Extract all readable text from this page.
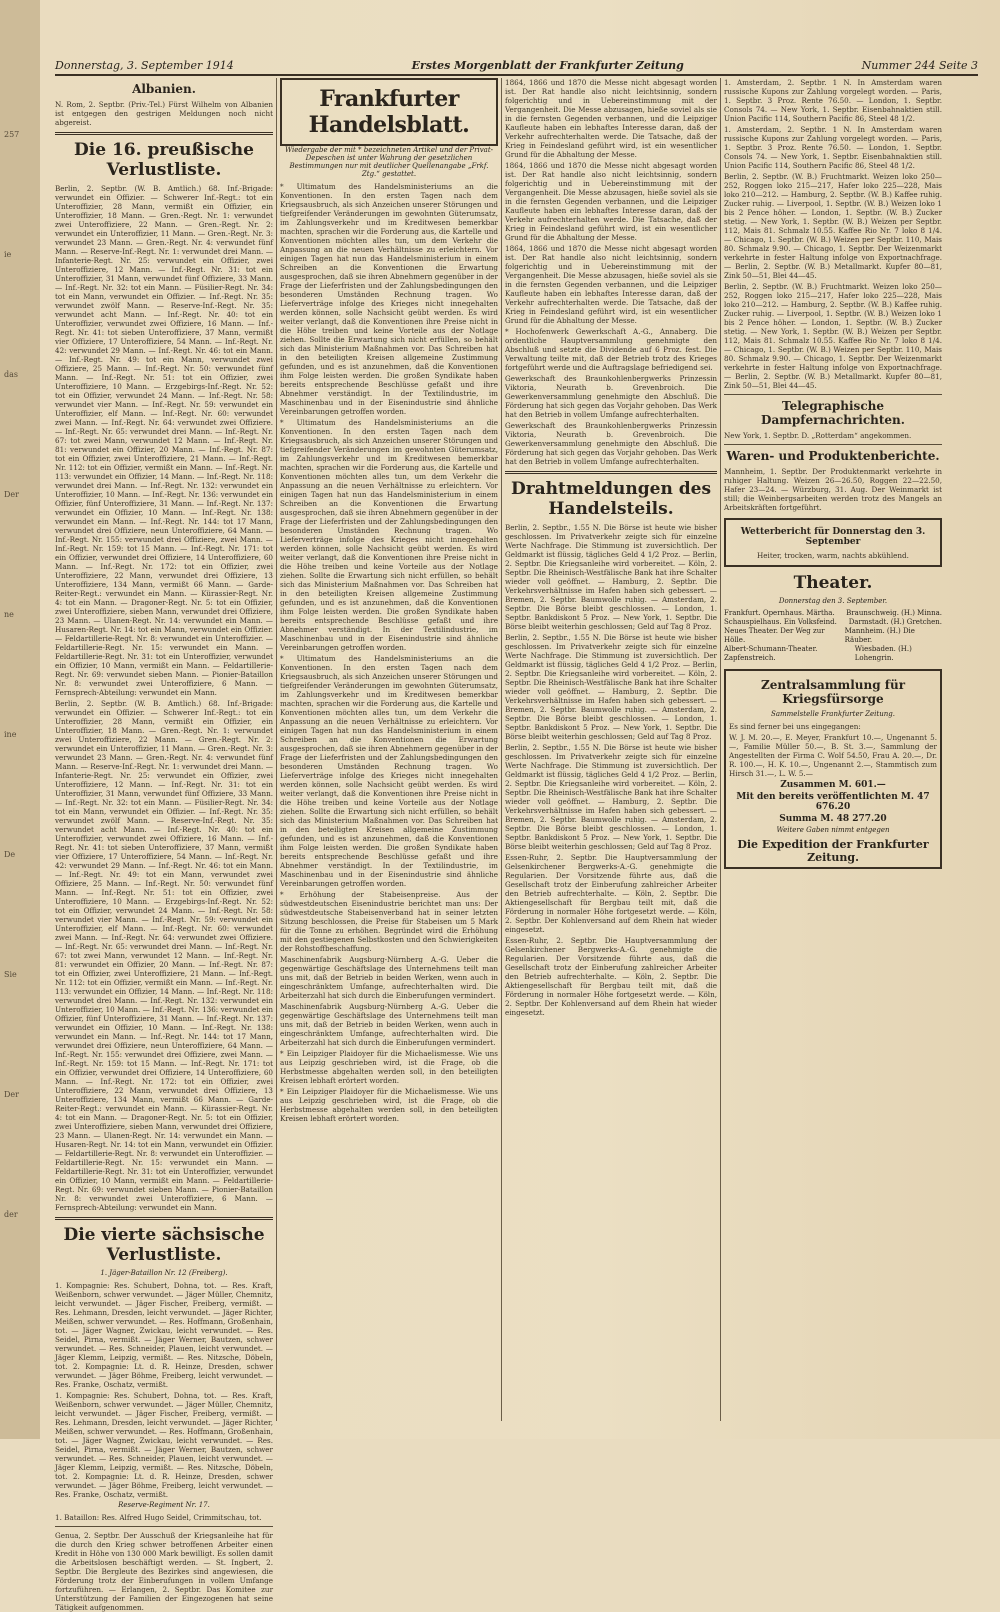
257
ie
das
Der
ne
ine
De
Sie
Der
der
Donnerstag, 3. September 1914	Erstes Morgenblatt der Frankfurter Zeitung	Nummer 244 Seite 3
Albanien.

N. Rom, 2. Septbr. (Priv.-Tel.) Fürst Wilhelm von Albanien ist entgegen den gestrigen Meldungen noch nicht abgereist.

Die 16. preußische Verlustliste.

Berlin, 2. Septbr. (W. B. Amtlich.) 68. Inf.-Brigade: verwundet ein Offizier. — Schwerer Inf.-Regt.: tot ein Unteroffizier, 28 Mann, vermißt ein Offizier, ein Unteroffizier, 18 Mann. — Gren.-Regt. Nr. 1: verwundet zwei Unteroffiziere, 22 Mann. — Gren.-Regt. Nr. 2: verwundet ein Unteroffizier, 11 Mann. — Gren.-Regt. Nr. 3: verwundet 23 Mann. — Gren.-Regt. Nr. 4: verwundet fünf Mann. — Reserve-Inf.-Regt. Nr. 1: verwundet drei Mann. — Infanterie-Regt. Nr. 25: verwundet ein Offizier, zwei Unteroffiziere, 12 Mann. — Inf.-Regt. Nr. 31: tot ein Unteroffizier, 31 Mann, verwundet fünf Offiziere, 33 Mann. — Inf.-Regt. Nr. 32: tot ein Mann. — Füsilier-Regt. Nr. 34: tot ein Mann, verwundet ein Offizier. — Inf.-Regt. Nr. 35: verwundet zwölf Mann. — Reserve-Inf.-Regt. Nr. 35: verwundet acht Mann. — Inf.-Regt. Nr. 40: tot ein Unteroffizier, verwundet zwei Offiziere, 16 Mann. — Inf.-Regt. Nr. 41: tot sieben Unteroffiziere, 37 Mann, vermißt vier Offiziere, 17 Unteroffiziere, 54 Mann. — Inf.-Regt. Nr. 42: verwundet 29 Mann. — Inf.-Regt. Nr. 46: tot ein Mann. — Inf.-Regt. Nr. 49: tot ein Mann, verwundet zwei Offiziere, 25 Mann. — Inf.-Regt. Nr. 50: verwundet fünf Mann. — Inf.-Regt. Nr. 51: tot ein Offizier, zwei Unteroffiziere, 10 Mann. — Erzgebirgs-Inf.-Regt. Nr. 52: tot ein Offizier, verwundet 24 Mann. — Inf.-Regt. Nr. 58: verwundet vier Mann. — Inf.-Regt. Nr. 59: verwundet ein Unteroffizier, elf Mann. — Inf.-Regt. Nr. 60: verwundet zwei Mann. — Inf.-Regt. Nr. 64: verwundet zwei Offiziere. — Inf.-Regt. Nr. 65: verwundet drei Mann. — Inf.-Regt. Nr. 67: tot zwei Mann, verwundet 12 Mann. — Inf.-Regt. Nr. 81: verwundet ein Offizier, 20 Mann. — Inf.-Regt. Nr. 87: tot ein Offizier, zwei Unteroffiziere, 21 Mann. — Inf.-Regt. Nr. 112: tot ein Offizier, vermißt ein Mann. — Inf.-Regt. Nr. 113: verwundet ein Offizier, 14 Mann. — Inf.-Regt. Nr. 118: verwundet drei Mann. — Inf.-Regt. Nr. 132: verwundet ein Unteroffizier, 10 Mann. — Inf.-Regt. Nr. 136: verwundet ein Offizier, fünf Unteroffiziere, 31 Mann. — Inf.-Regt. Nr. 137: verwundet ein Offizier, 10 Mann. — Inf.-Regt. Nr. 138: verwundet ein Mann. — Inf.-Regt. Nr. 144: tot 17 Mann, verwundet drei Offiziere, neun Unteroffiziere, 64 Mann. — Inf.-Regt. Nr. 155: verwundet drei Offiziere, zwei Mann. — Inf.-Regt. Nr. 159: tot 15 Mann. — Inf.-Regt. Nr. 171: tot ein Offizier, verwundet drei Offiziere, 14 Unteroffiziere, 60 Mann. — Inf.-Regt. Nr. 172: tot ein Offizier, zwei Unteroffiziere, 22 Mann, verwundet drei Offiziere, 13 Unteroffiziere, 134 Mann, vermißt 66 Mann. — Garde-Reiter-Regt.: verwundet ein Mann. — Kürassier-Regt. Nr. 4: tot ein Mann. — Dragoner-Regt. Nr. 5: tot ein Offizier, zwei Unteroffiziere, sieben Mann, verwundet drei Offiziere, 23 Mann. — Ulanen-Regt. Nr. 14: verwundet ein Mann. — Husaren-Regt. Nr. 14: tot ein Mann, verwundet ein Offizier. — Feldartillerie-Regt. Nr. 8: verwundet ein Unteroffizier. — Feldartillerie-Regt. Nr. 15: verwundet ein Mann. — Feldartillerie-Regt. Nr. 31: tot ein Unteroffizier, verwundet ein Offizier, 10 Mann, vermißt ein Mann. — Feldartillerie-Regt. Nr. 69: verwundet sieben Mann. — Pionier-Bataillon Nr. 8: verwundet zwei Unteroffiziere, 6 Mann. — Fernsprech-Abteilung: verwundet ein Mann.

Berlin, 2. Septbr. (W. B. Amtlich.) 68. Inf.-Brigade: verwundet ein Offizier. — Schwerer Inf.-Regt.: tot ein Unteroffizier, 28 Mann, vermißt ein Offizier, ein Unteroffizier, 18 Mann. — Gren.-Regt. Nr. 1: verwundet zwei Unteroffiziere, 22 Mann. — Gren.-Regt. Nr. 2: verwundet ein Unteroffizier, 11 Mann. — Gren.-Regt. Nr. 3: verwundet 23 Mann. — Gren.-Regt. Nr. 4: verwundet fünf Mann. — Reserve-Inf.-Regt. Nr. 1: verwundet drei Mann. — Infanterie-Regt. Nr. 25: verwundet ein Offizier, zwei Unteroffiziere, 12 Mann. — Inf.-Regt. Nr. 31: tot ein Unteroffizier, 31 Mann, verwundet fünf Offiziere, 33 Mann. — Inf.-Regt. Nr. 32: tot ein Mann. — Füsilier-Regt. Nr. 34: tot ein Mann, verwundet ein Offizier. — Inf.-Regt. Nr. 35: verwundet zwölf Mann. — Reserve-Inf.-Regt. Nr. 35: verwundet acht Mann. — Inf.-Regt. Nr. 40: tot ein Unteroffizier, verwundet zwei Offiziere, 16 Mann. — Inf.-Regt. Nr. 41: tot sieben Unteroffiziere, 37 Mann, vermißt vier Offiziere, 17 Unteroffiziere, 54 Mann. — Inf.-Regt. Nr. 42: verwundet 29 Mann. — Inf.-Regt. Nr. 46: tot ein Mann. — Inf.-Regt. Nr. 49: tot ein Mann, verwundet zwei Offiziere, 25 Mann. — Inf.-Regt. Nr. 50: verwundet fünf Mann. — Inf.-Regt. Nr. 51: tot ein Offizier, zwei Unteroffiziere, 10 Mann. — Erzgebirgs-Inf.-Regt. Nr. 52: tot ein Offizier, verwundet 24 Mann. — Inf.-Regt. Nr. 58: verwundet vier Mann. — Inf.-Regt. Nr. 59: verwundet ein Unteroffizier, elf Mann. — Inf.-Regt. Nr. 60: verwundet zwei Mann. — Inf.-Regt. Nr. 64: verwundet zwei Offiziere. — Inf.-Regt. Nr. 65: verwundet drei Mann. — Inf.-Regt. Nr. 67: tot zwei Mann, verwundet 12 Mann. — Inf.-Regt. Nr. 81: verwundet ein Offizier, 20 Mann. — Inf.-Regt. Nr. 87: tot ein Offizier, zwei Unteroffiziere, 21 Mann. — Inf.-Regt. Nr. 112: tot ein Offizier, vermißt ein Mann. — Inf.-Regt. Nr. 113: verwundet ein Offizier, 14 Mann. — Inf.-Regt. Nr. 118: verwundet drei Mann. — Inf.-Regt. Nr. 132: verwundet ein Unteroffizier, 10 Mann. — Inf.-Regt. Nr. 136: verwundet ein Offizier, fünf Unteroffiziere, 31 Mann. — Inf.-Regt. Nr. 137: verwundet ein Offizier, 10 Mann. — Inf.-Regt. Nr. 138: verwundet ein Mann. — Inf.-Regt. Nr. 144: tot 17 Mann, verwundet drei Offiziere, neun Unteroffiziere, 64 Mann. — Inf.-Regt. Nr. 155: verwundet drei Offiziere, zwei Mann. — Inf.-Regt. Nr. 159: tot 15 Mann. — Inf.-Regt. Nr. 171: tot ein Offizier, verwundet drei Offiziere, 14 Unteroffiziere, 60 Mann. — Inf.-Regt. Nr. 172: tot ein Offizier, zwei Unteroffiziere, 22 Mann, verwundet drei Offiziere, 13 Unteroffiziere, 134 Mann, vermißt 66 Mann. — Garde-Reiter-Regt.: verwundet ein Mann. — Kürassier-Regt. Nr. 4: tot ein Mann. — Dragoner-Regt. Nr. 5: tot ein Offizier, zwei Unteroffiziere, sieben Mann, verwundet drei Offiziere, 23 Mann. — Ulanen-Regt. Nr. 14: verwundet ein Mann. — Husaren-Regt. Nr. 14: tot ein Mann, verwundet ein Offizier. — Feldartillerie-Regt. Nr. 8: verwundet ein Unteroffizier. — Feldartillerie-Regt. Nr. 15: verwundet ein Mann. — Feldartillerie-Regt. Nr. 31: tot ein Unteroffizier, verwundet ein Offizier, 10 Mann, vermißt ein Mann. — Feldartillerie-Regt. Nr. 69: verwundet sieben Mann. — Pionier-Bataillon Nr. 8: verwundet zwei Unteroffiziere, 6 Mann. — Fernsprech-Abteilung: verwundet ein Mann.

Die vierte sächsische Verlustliste.
1. Jäger-Bataillon Nr. 12 (Freiberg).

1. Kompagnie: Res. Schubert, Dohna, tot. — Res. Kraft, Weißenborn, schwer verwundet. — Jäger Müller, Chemnitz, leicht verwundet. — Jäger Fischer, Freiberg, vermißt. — Res. Lehmann, Dresden, leicht verwundet. — Jäger Richter, Meißen, schwer verwundet. — Res. Hoffmann, Großenhain, tot. — Jäger Wagner, Zwickau, leicht verwundet. — Res. Seidel, Pirna, vermißt. — Jäger Werner, Bautzen, schwer verwundet. — Res. Schneider, Plauen, leicht verwundet. — Jäger Klemm, Leipzig, vermißt. — Res. Nitzsche, Döbeln, tot. 2. Kompagnie: Lt. d. R. Heinze, Dresden, schwer verwundet. — Jäger Böhme, Freiberg, leicht verwundet. — Res. Franke, Oschatz, vermißt.

1. Kompagnie: Res. Schubert, Dohna, tot. — Res. Kraft, Weißenborn, schwer verwundet. — Jäger Müller, Chemnitz, leicht verwundet. — Jäger Fischer, Freiberg, vermißt. — Res. Lehmann, Dresden, leicht verwundet. — Jäger Richter, Meißen, schwer verwundet. — Res. Hoffmann, Großenhain, tot. — Jäger Wagner, Zwickau, leicht verwundet. — Res. Seidel, Pirna, vermißt. — Jäger Werner, Bautzen, schwer verwundet. — Res. Schneider, Plauen, leicht verwundet. — Jäger Klemm, Leipzig, vermißt. — Res. Nitzsche, Döbeln, tot. 2. Kompagnie: Lt. d. R. Heinze, Dresden, schwer verwundet. — Jäger Böhme, Freiberg, leicht verwundet. — Res. Franke, Oschatz, vermißt.

Reserve-Regiment Nr. 17.

1. Bataillon: Res. Alfred Hugo Seidel, Crimmitschau, tot.

Genua, 2. Septbr. Der Ausschuß der Kriegsanleihe hat für die durch den Krieg schwer betroffenen Arbeiter einen Kredit in Höhe von 130 000 Mark bewilligt. Es sollen damit die Arbeitslosen beschäftigt werden. — St. Ingbert, 2. Septbr. Die Bergleute des Bezirkes sind angewiesen, die Förderung trotz der Einberufungen in vollem Umfange fortzuführen. — Erlangen, 2. Septbr. Das Komitee zur Unterstützung der Familien der Eingezogenen hat seine Tätigkeit aufgenommen.

Frankfurter Handelsblatt.
Wiedergabe der mit * bezeichneten Artikel und der Privat-Depeschen ist unter Wahrung der gesetzlichen Bestimmungen nur mit deutlicher Quellenangabe „Frkf. Ztg.“ gestattet.

* Ultimatum des Handelsministeriums an die Konventionen. In den ersten Tagen nach dem Kriegsausbruch, als sich Anzeichen unserer Störungen und tiefgreifender Veränderungen im gewohnten Güterumsatz, im Zahlungsverkehr und im Kreditwesen bemerkbar machten, sprachen wir die Forderung aus, die Kartelle und Konventionen möchten alles tun, um dem Verkehr die Anpassung an die neuen Verhältnisse zu erleichtern. Vor einigen Tagen hat nun das Handelsministerium in einem Schreiben an die Konventionen die Erwartung ausgesprochen, daß sie ihren Abnehmern gegenüber in der Frage der Lieferfristen und der Zahlungsbedingungen den besonderen Umständen Rechnung tragen. Wo Lieferverträge infolge des Krieges nicht innegehalten werden können, solle Nachsicht geübt werden. Es wird weiter verlangt, daß die Konventionen ihre Preise nicht in die Höhe treiben und keine Vorteile aus der Notlage ziehen. Sollte die Erwartung sich nicht erfüllen, so behält sich das Ministerium Maßnahmen vor. Das Schreiben hat in den beteiligten Kreisen allgemeine Zustimmung gefunden, und es ist anzunehmen, daß die Konventionen ihm Folge leisten werden. Die großen Syndikate haben bereits entsprechende Beschlüsse gefaßt und ihre Abnehmer verständigt. In der Textilindustrie, im Maschinenbau und in der Eisenindustrie sind ähnliche Vereinbarungen getroffen worden.

* Ultimatum des Handelsministeriums an die Konventionen. In den ersten Tagen nach dem Kriegsausbruch, als sich Anzeichen unserer Störungen und tiefgreifender Veränderungen im gewohnten Güterumsatz, im Zahlungsverkehr und im Kreditwesen bemerkbar machten, sprachen wir die Forderung aus, die Kartelle und Konventionen möchten alles tun, um dem Verkehr die Anpassung an die neuen Verhältnisse zu erleichtern. Vor einigen Tagen hat nun das Handelsministerium in einem Schreiben an die Konventionen die Erwartung ausgesprochen, daß sie ihren Abnehmern gegenüber in der Frage der Lieferfristen und der Zahlungsbedingungen den besonderen Umständen Rechnung tragen. Wo Lieferverträge infolge des Krieges nicht innegehalten werden können, solle Nachsicht geübt werden. Es wird weiter verlangt, daß die Konventionen ihre Preise nicht in die Höhe treiben und keine Vorteile aus der Notlage ziehen. Sollte die Erwartung sich nicht erfüllen, so behält sich das Ministerium Maßnahmen vor. Das Schreiben hat in den beteiligten Kreisen allgemeine Zustimmung gefunden, und es ist anzunehmen, daß die Konventionen ihm Folge leisten werden. Die großen Syndikate haben bereits entsprechende Beschlüsse gefaßt und ihre Abnehmer verständigt. In der Textilindustrie, im Maschinenbau und in der Eisenindustrie sind ähnliche Vereinbarungen getroffen worden.

* Ultimatum des Handelsministeriums an die Konventionen. In den ersten Tagen nach dem Kriegsausbruch, als sich Anzeichen unserer Störungen und tiefgreifender Veränderungen im gewohnten Güterumsatz, im Zahlungsverkehr und im Kreditwesen bemerkbar machten, sprachen wir die Forderung aus, die Kartelle und Konventionen möchten alles tun, um dem Verkehr die Anpassung an die neuen Verhältnisse zu erleichtern. Vor einigen Tagen hat nun das Handelsministerium in einem Schreiben an die Konventionen die Erwartung ausgesprochen, daß sie ihren Abnehmern gegenüber in der Frage der Lieferfristen und der Zahlungsbedingungen den besonderen Umständen Rechnung tragen. Wo Lieferverträge infolge des Krieges nicht innegehalten werden können, solle Nachsicht geübt werden. Es wird weiter verlangt, daß die Konventionen ihre Preise nicht in die Höhe treiben und keine Vorteile aus der Notlage ziehen. Sollte die Erwartung sich nicht erfüllen, so behält sich das Ministerium Maßnahmen vor. Das Schreiben hat in den beteiligten Kreisen allgemeine Zustimmung gefunden, und es ist anzunehmen, daß die Konventionen ihm Folge leisten werden. Die großen Syndikate haben bereits entsprechende Beschlüsse gefaßt und ihre Abnehmer verständigt. In der Textilindustrie, im Maschinenbau und in der Eisenindustrie sind ähnliche Vereinbarungen getroffen worden.

* Erhöhung der Stabeisenpreise. Aus der südwestdeutschen Eisenindustrie berichtet man uns: Der südwestdeutsche Stabeisenverband hat in seiner letzten Sitzung beschlossen, die Preise für Stabeisen um 5 Mark für die Tonne zu erhöhen. Begründet wird die Erhöhung mit den gestiegenen Selbstkosten und den Schwierigkeiten der Rohstoffbeschaffung.

Maschinenfabrik Augsburg-Nürnberg A.-G. Ueber die gegenwärtige Geschäftslage des Unternehmens teilt man uns mit, daß der Betrieb in beiden Werken, wenn auch in eingeschränktem Umfange, aufrechterhalten wird. Die Arbeiterzahl hat sich durch die Einberufungen vermindert.

Maschinenfabrik Augsburg-Nürnberg A.-G. Ueber die gegenwärtige Geschäftslage des Unternehmens teilt man uns mit, daß der Betrieb in beiden Werken, wenn auch in eingeschränktem Umfange, aufrechterhalten wird. Die Arbeiterzahl hat sich durch die Einberufungen vermindert.

* Ein Leipziger Plaidoyer für die Michaelismesse. Wie uns aus Leipzig geschrieben wird, ist die Frage, ob die Herbstmesse abgehalten werden soll, in den beteiligten Kreisen lebhaft erörtert worden.

* Ein Leipziger Plaidoyer für die Michaelismesse. Wie uns aus Leipzig geschrieben wird, ist die Frage, ob die Herbstmesse abgehalten werden soll, in den beteiligten Kreisen lebhaft erörtert worden.

1864, 1866 und 1870 die Messe nicht abgesagt worden ist. Der Rat handle also nicht leichtsinnig, sondern folgerichtig und in Uebereinstimmung mit der Vergangenheit. Die Messe abzusagen, hieße soviel als sie in die fernsten Gegenden verbannen, und die Leipziger Kaufleute haben ein lebhaftes Interesse daran, daß der Verkehr aufrechterhalten werde. Die Tatsache, daß der Krieg in Feindesland geführt wird, ist ein wesentlicher Grund für die Abhaltung der Messe.

1864, 1866 und 1870 die Messe nicht abgesagt worden ist. Der Rat handle also nicht leichtsinnig, sondern folgerichtig und in Uebereinstimmung mit der Vergangenheit. Die Messe abzusagen, hieße soviel als sie in die fernsten Gegenden verbannen, und die Leipziger Kaufleute haben ein lebhaftes Interesse daran, daß der Verkehr aufrechterhalten werde. Die Tatsache, daß der Krieg in Feindesland geführt wird, ist ein wesentlicher Grund für die Abhaltung der Messe.

1864, 1866 und 1870 die Messe nicht abgesagt worden ist. Der Rat handle also nicht leichtsinnig, sondern folgerichtig und in Uebereinstimmung mit der Vergangenheit. Die Messe abzusagen, hieße soviel als sie in die fernsten Gegenden verbannen, und die Leipziger Kaufleute haben ein lebhaftes Interesse daran, daß der Verkehr aufrechterhalten werde. Die Tatsache, daß der Krieg in Feindesland geführt wird, ist ein wesentlicher Grund für die Abhaltung der Messe.

* Hochofenwerk Gewerkschaft A.-G., Annaberg. Die ordentliche Hauptversammlung genehmigte den Abschluß und setzte die Dividende auf 6 Proz. fest. Die Verwaltung teilte mit, daß der Betrieb trotz des Krieges fortgeführt werde und die Auftragslage befriedigend sei.

Gewerkschaft des Braunkohlenbergwerks Prinzessin Viktoria, Neurath b. Grevenbroich. Die Gewerkenversammlung genehmigte den Abschluß. Die Förderung hat sich gegen das Vorjahr gehoben. Das Werk hat den Betrieb in vollem Umfange aufrechterhalten.

Gewerkschaft des Braunkohlenbergwerks Prinzessin Viktoria, Neurath b. Grevenbroich. Die Gewerkenversammlung genehmigte den Abschluß. Die Förderung hat sich gegen das Vorjahr gehoben. Das Werk hat den Betrieb in vollem Umfange aufrechterhalten.

Drahtmeldungen des Handelsteils.

Berlin, 2. Septbr., 1.55 N. Die Börse ist heute wie bisher geschlossen. Im Privatverkehr zeigte sich für einzelne Werte Nachfrage. Die Stimmung ist zuversichtlich. Der Geldmarkt ist flüssig, tägliches Geld 4 1/2 Proz. — Berlin, 2. Septbr. Die Kriegsanleihe wird vorbereitet. — Köln, 2. Septbr. Die Rheinisch-Westfälische Bank hat ihre Schalter wieder voll geöffnet. — Hamburg, 2. Septbr. Die Verkehrsverhältnisse im Hafen haben sich gebessert. — Bremen, 2. Septbr. Baumwolle ruhig. — Amsterdam, 2. Septbr. Die Börse bleibt geschlossen. — London, 1. Septbr. Bankdiskont 5 Proz. — New York, 1. Septbr. Die Börse bleibt weiterhin geschlossen; Geld auf Tag 8 Proz.

Berlin, 2. Septbr., 1.55 N. Die Börse ist heute wie bisher geschlossen. Im Privatverkehr zeigte sich für einzelne Werte Nachfrage. Die Stimmung ist zuversichtlich. Der Geldmarkt ist flüssig, tägliches Geld 4 1/2 Proz. — Berlin, 2. Septbr. Die Kriegsanleihe wird vorbereitet. — Köln, 2. Septbr. Die Rheinisch-Westfälische Bank hat ihre Schalter wieder voll geöffnet. — Hamburg, 2. Septbr. Die Verkehrsverhältnisse im Hafen haben sich gebessert. — Bremen, 2. Septbr. Baumwolle ruhig. — Amsterdam, 2. Septbr. Die Börse bleibt geschlossen. — London, 1. Septbr. Bankdiskont 5 Proz. — New York, 1. Septbr. Die Börse bleibt weiterhin geschlossen; Geld auf Tag 8 Proz.

Berlin, 2. Septbr., 1.55 N. Die Börse ist heute wie bisher geschlossen. Im Privatverkehr zeigte sich für einzelne Werte Nachfrage. Die Stimmung ist zuversichtlich. Der Geldmarkt ist flüssig, tägliches Geld 4 1/2 Proz. — Berlin, 2. Septbr. Die Kriegsanleihe wird vorbereitet. — Köln, 2. Septbr. Die Rheinisch-Westfälische Bank hat ihre Schalter wieder voll geöffnet. — Hamburg, 2. Septbr. Die Verkehrsverhältnisse im Hafen haben sich gebessert. — Bremen, 2. Septbr. Baumwolle ruhig. — Amsterdam, 2. Septbr. Die Börse bleibt geschlossen. — London, 1. Septbr. Bankdiskont 5 Proz. — New York, 1. Septbr. Die Börse bleibt weiterhin geschlossen; Geld auf Tag 8 Proz.

Essen-Ruhr, 2. Septbr. Die Hauptversammlung der Gelsenkirchener Bergwerks-A.-G. genehmigte die Regularien. Der Vorsitzende führte aus, daß die Gesellschaft trotz der Einberufung zahlreicher Arbeiter den Betrieb aufrechterhalte. — Köln, 2. Septbr. Die Aktiengesellschaft für Bergbau teilt mit, daß die Förderung in normaler Höhe fortgesetzt werde. — Köln, 2. Septbr. Der Kohlenversand auf dem Rhein hat wieder eingesetzt.

Essen-Ruhr, 2. Septbr. Die Hauptversammlung der Gelsenkirchener Bergwerks-A.-G. genehmigte die Regularien. Der Vorsitzende führte aus, daß die Gesellschaft trotz der Einberufung zahlreicher Arbeiter den Betrieb aufrechterhalte. — Köln, 2. Septbr. Die Aktiengesellschaft für Bergbau teilt mit, daß die Förderung in normaler Höhe fortgesetzt werde. — Köln, 2. Septbr. Der Kohlenversand auf dem Rhein hat wieder eingesetzt.

1. Amsterdam, 2. Septbr. 1 N. In Amsterdam waren russische Kupons zur Zahlung vorgelegt worden. — Paris, 1. Septbr. 3 Proz. Rente 76.50. — London, 1. Septbr. Consols 74. — New York, 1. Septbr. Eisenbahnaktien still. Union Pacific 114, Southern Pacific 86, Steel 48 1/2.

1. Amsterdam, 2. Septbr. 1 N. In Amsterdam waren russische Kupons zur Zahlung vorgelegt worden. — Paris, 1. Septbr. 3 Proz. Rente 76.50. — London, 1. Septbr. Consols 74. — New York, 1. Septbr. Eisenbahnaktien still. Union Pacific 114, Southern Pacific 86, Steel 48 1/2.

Berlin, 2. Septbr. (W. B.) Fruchtmarkt. Weizen loko 250—252, Roggen loko 215—217, Hafer loko 225—228, Mais loko 210—212. — Hamburg, 2. Septbr. (W. B.) Kaffee ruhig. Zucker ruhig. — Liverpool, 1. Septbr. (W. B.) Weizen loko 1 bis 2 Pence höher. — London, 1. Septbr. (W. B.) Zucker stetig. — New York, 1. Septbr. (W. B.) Weizen per Septbr. 112, Mais 81. Schmalz 10.55. Kaffee Rio Nr. 7 loko 8 1/4. — Chicago, 1. Septbr. (W. B.) Weizen per Septbr. 110, Mais 80. Schmalz 9.90. — Chicago, 1. Septbr. Der Weizenmarkt verkehrte in fester Haltung infolge von Exportnachfrage. — Berlin, 2. Septbr. (W. B.) Metallmarkt. Kupfer 80—81, Zink 50—51, Blei 44—45.

Berlin, 2. Septbr. (W. B.) Fruchtmarkt. Weizen loko 250—252, Roggen loko 215—217, Hafer loko 225—228, Mais loko 210—212. — Hamburg, 2. Septbr. (W. B.) Kaffee ruhig. Zucker ruhig. — Liverpool, 1. Septbr. (W. B.) Weizen loko 1 bis 2 Pence höher. — London, 1. Septbr. (W. B.) Zucker stetig. — New York, 1. Septbr. (W. B.) Weizen per Septbr. 112, Mais 81. Schmalz 10.55. Kaffee Rio Nr. 7 loko 8 1/4. — Chicago, 1. Septbr. (W. B.) Weizen per Septbr. 110, Mais 80. Schmalz 9.90. — Chicago, 1. Septbr. Der Weizenmarkt verkehrte in fester Haltung infolge von Exportnachfrage. — Berlin, 2. Septbr. (W. B.) Metallmarkt. Kupfer 80—81, Zink 50—51, Blei 44—45.

Telegraphische Dampfernachrichten.

New York, 1. Septbr. D. „Rotterdam“ angekommen.

Waren- und Produktenberichte.

Mannheim, 1. Septbr. Der Produktenmarkt verkehrte in ruhiger Haltung. Weizen 26—26.50, Roggen 22—22.50, Hafer 23—24. — Würzburg, 31. Aug. Der Weinmarkt ist still; die Weinbergsarbeiten werden trotz des Mangels an Arbeitskräften fortgeführt.

Wetterbericht für Donnerstag den 3. September

Heiter, trocken, warm, nachts abkühlend.

Theater.
Donnerstag den 3. September.
Frankfurt. Opernhaus. Märtha. Braunschweig. (H.) Minna.
Schauspielhaus. Ein Volksfeind. Darmstadt. (H.) Gretchen.
Neues Theater. Der Weg zur Hölle.
Mannheim. (H.) Die Räuber.
Albert-Schumann-Theater. Zapfenstreich.
Wiesbaden. (H.) Lohengrin.
Zentralsammlung für Kriegsfürsorge
Sammelstelle Frankfurter Zeitung.

Es sind ferner bei uns eingegangen:

W. J. M. 20.—, E. Meyer, Frankfurt 10.—, Ungenannt 5.—, Familie Müller 50.—, B. St. 3.—, Sammlung der Angestellten der Firma C. Wolf 54.50, Frau A. 20.—, Dr. R. 100.—, H. K. 10.—, Ungenannt 2.—, Stammtisch zum Hirsch 31.—, L. W. 5.—

Zusammen M. 601.—
Mit den bereits veröffentlichten M. 47 676.20
Summa M. 48 277.20
Weitere Gaben nimmt entgegen
Die Expedition der Frankfurter Zeitung.
